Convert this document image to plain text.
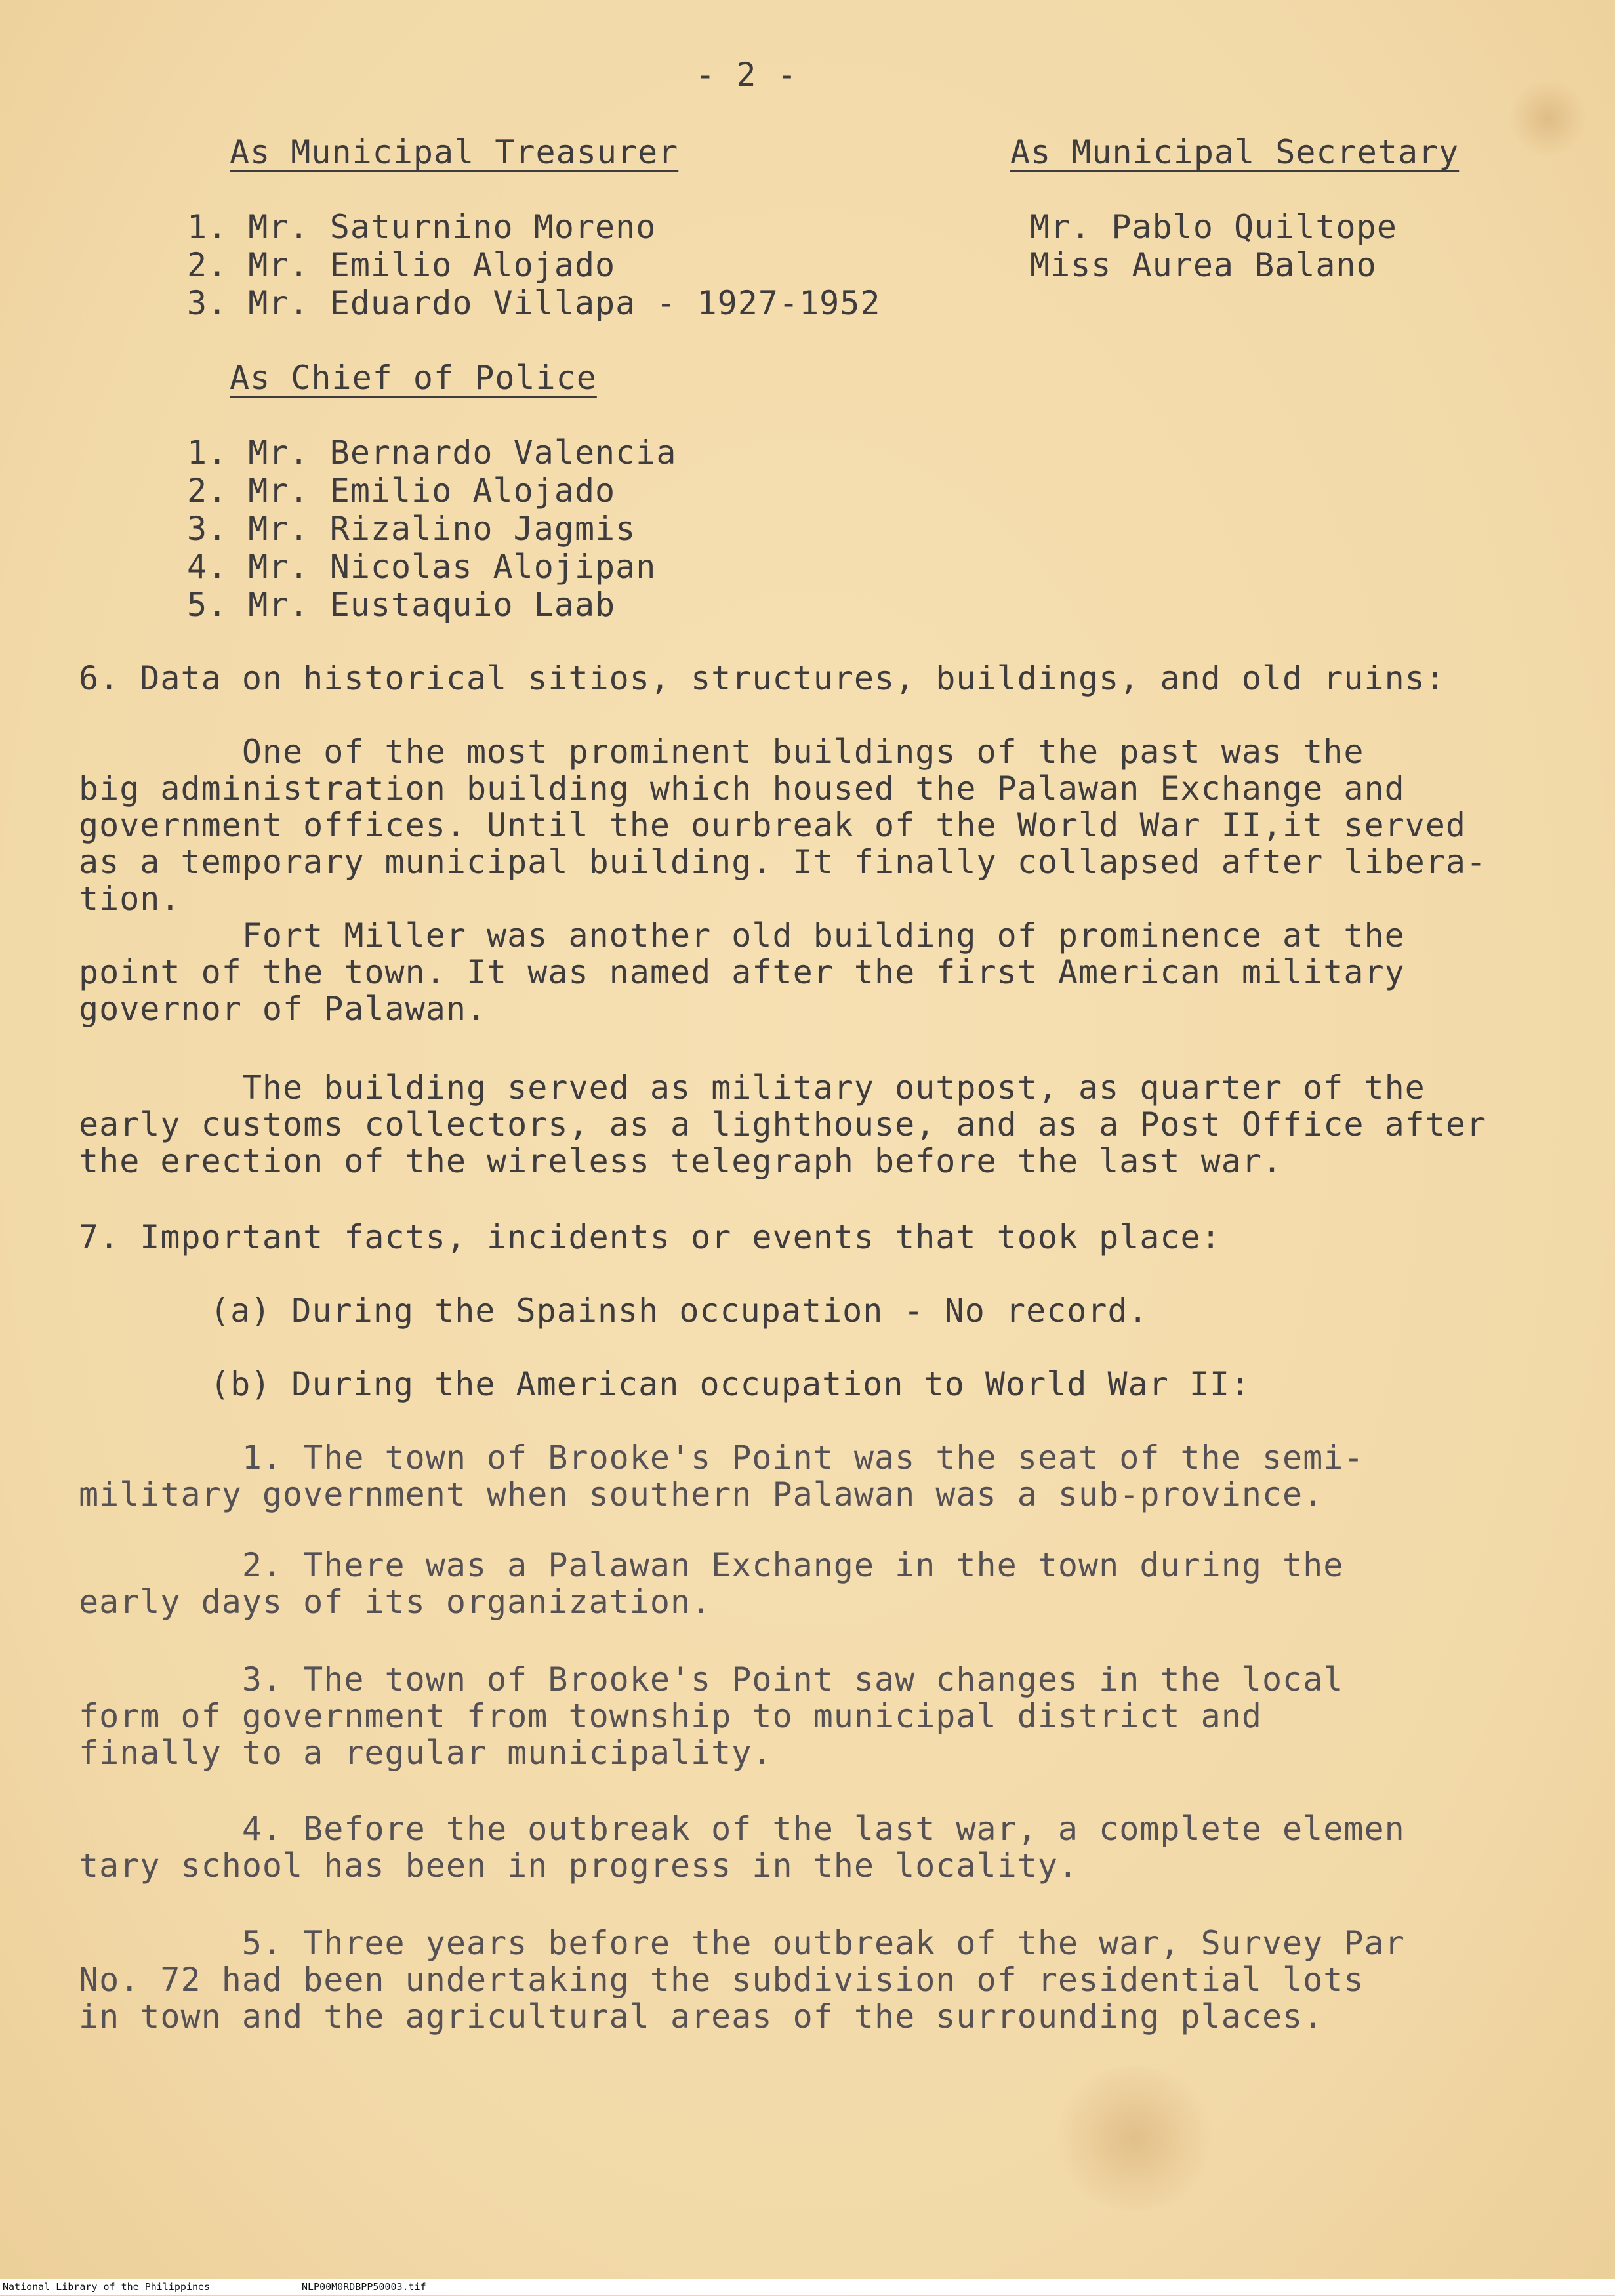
- 2 -

As Municipal Treasurer

1. Mr. Saturnino Moreno

2. Mr. Emilio Alojado

3. Mr. Eduardo Villapa - 1927-1952

As Municipal Secretary

Mr. Pablo Quiltope

Miss Aurea Balano

As Chief of Police

1. Mr. Bernardo Valencia

2. Mr. Emilio Alojado

3. Mr. Rizalino Jagmis

4. Mr. Nicolas Alojipan

5. Mr. Eustaquio Laab

6. Data on historical sitios, structures, buildings, and old ruins:

One of the most prominent buildings of the past was the

big administration building which housed the Palawan Exchange and

government offices. Until the ourbreak of the World War II,it served

as a temporary municipal building. It finally collapsed after libera-

tion.

Fort Miller was another old building of prominence at the

point of the town. It was named after the first American military

governor of Palawan.

The building served as military outpost, as quarter of the

early customs collectors, as a lighthouse, and as a Post Office after

the erection of the wireless telegraph before the last war.

7. Important facts, incidents or events that took place:

(a) During the Spainsh occupation - No record.

(b) During the American occupation to World War II:

1. The town of Brooke's Point was the seat of the semi-

military government when southern Palawan was a sub-province.

2. There was a Palawan Exchange in the town during the

early days of its organization.

3. The town of Brooke's Point saw changes in the local

form of government from township to municipal district and

finally to a regular municipality.

4. Before the outbreak of the last war, a complete elemen

tary school has been in progress in the locality.

5. Three years before the outbreak of the war, Survey Par

No. 72 had been undertaking the subdivision of residential lots

in town and the agricultural areas of the surrounding places.

National Library of the Philippines

	NLP00M0RDBPP50003.tif
